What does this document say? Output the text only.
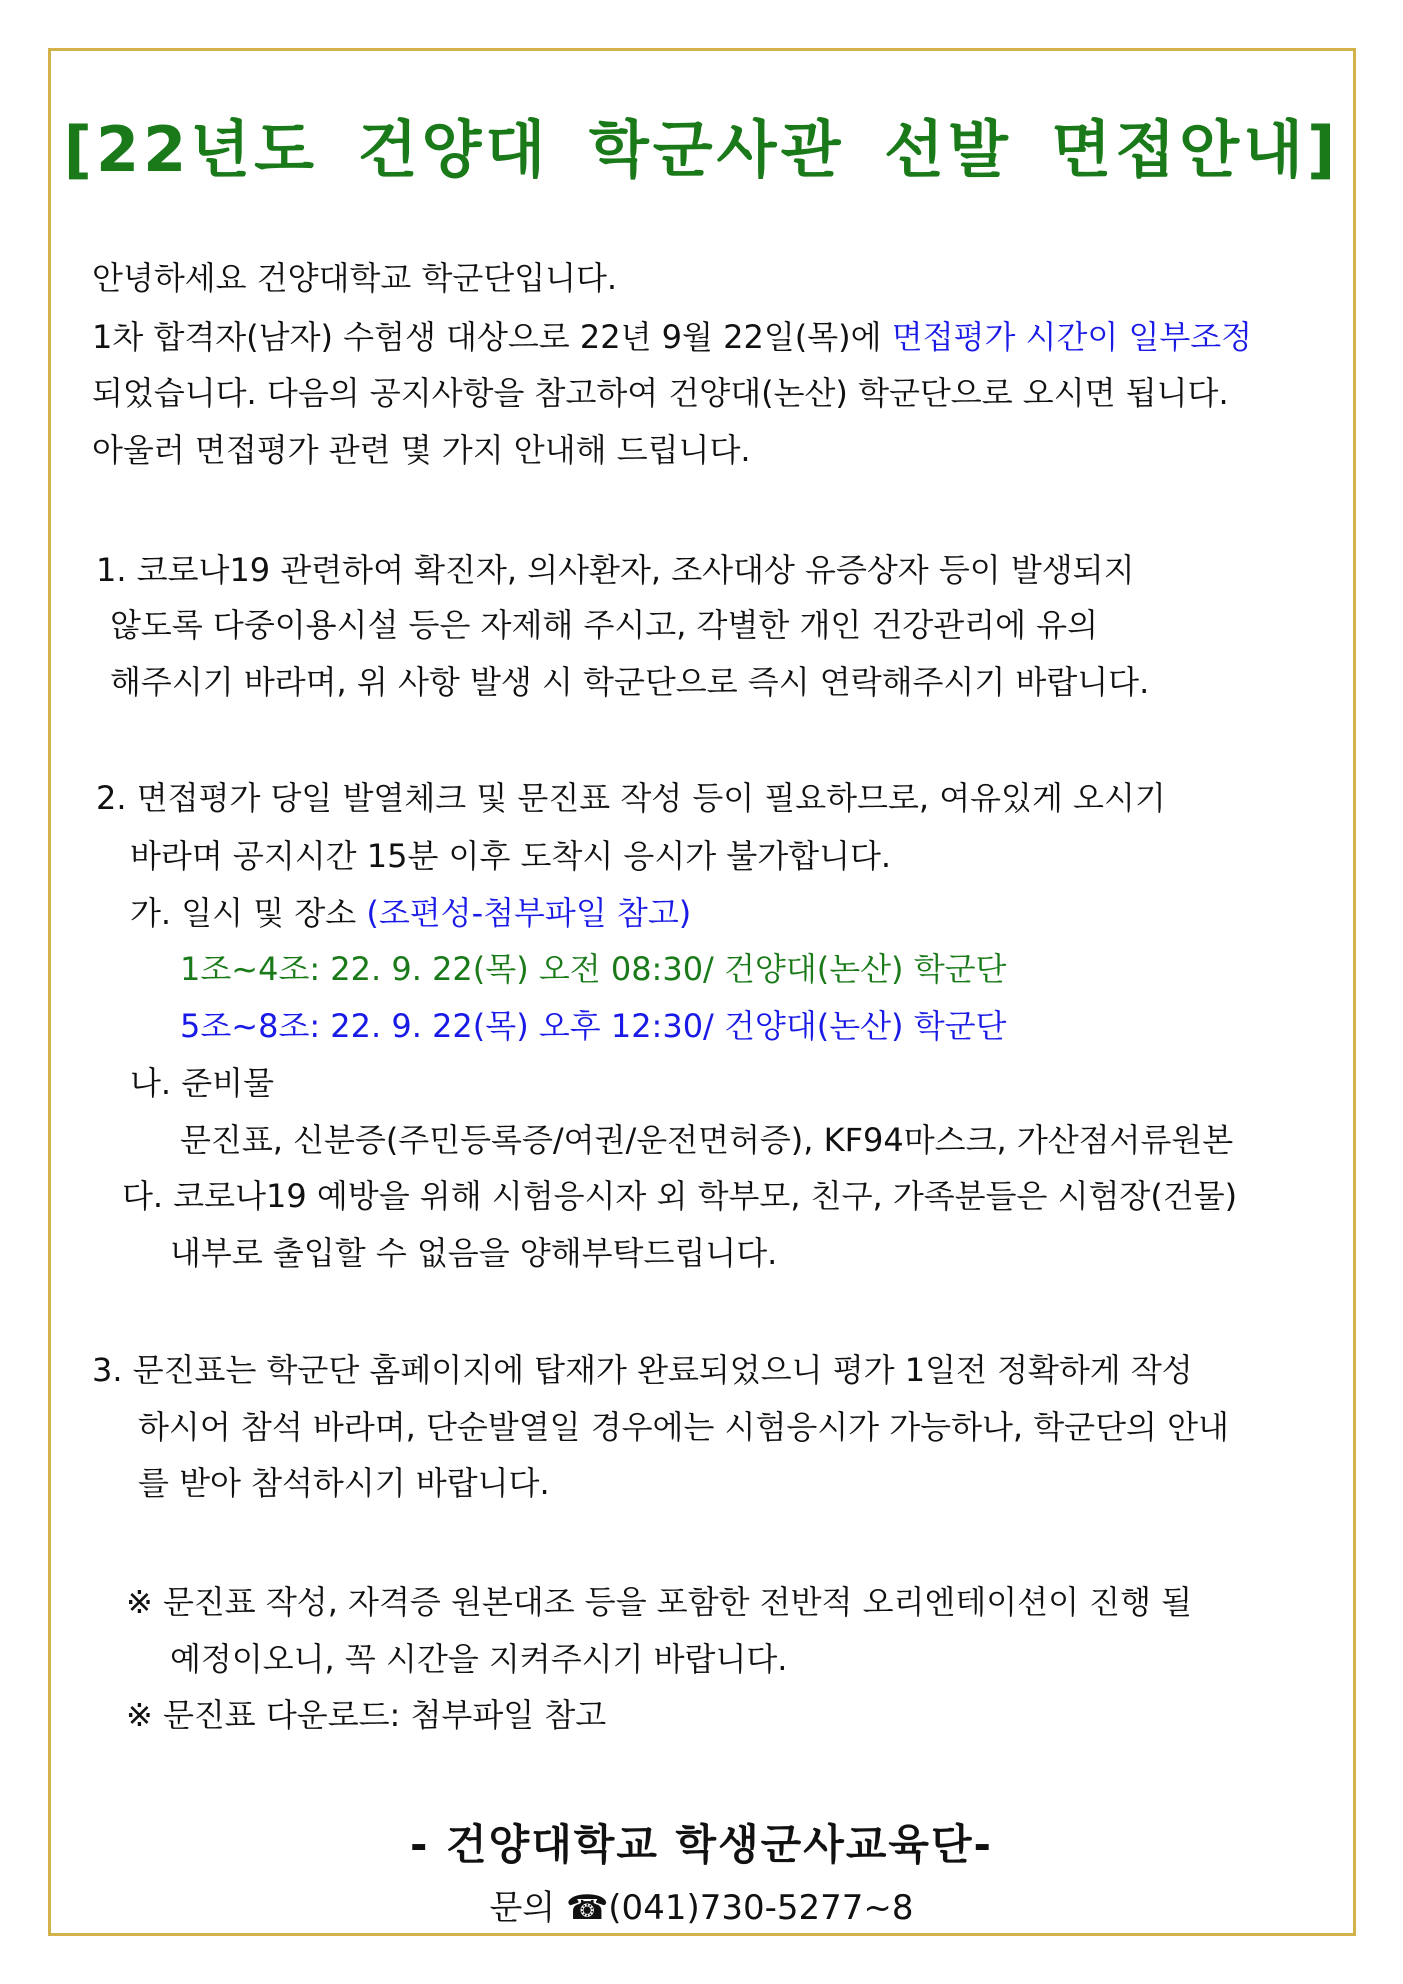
[22년도 건양대 학군사관 선발 면접안내]
안녕하세요 건양대학교 학군단입니다.
1차 합격자(남자) 수험생 대상으로 22년 9월 22일(목)에 면접평가 시간이 일부조정
되었습니다. 다음의 공지사항을 참고하여 건양대(논산) 학군단으로 오시면 됩니다.
아울러 면접평가 관련 몇 가지 안내해 드립니다.
1. 코로나19 관련하여 확진자, 의사환자, 조사대상 유증상자 등이 발생되지
않도록 다중이용시설 등은 자제해 주시고, 각별한 개인 건강관리에 유의
해주시기 바라며, 위 사항 발생 시 학군단으로 즉시 연락해주시기 바랍니다.
2. 면접평가 당일 발열체크 및 문진표 작성 등이 필요하므로, 여유있게 오시기
바라며 공지시간 15분 이후 도착시 응시가 불가합니다.
가. 일시 및 장소 (조편성-첨부파일 참고)
1조~4조: 22. 9. 22(목) 오전 08:30/ 건양대(논산) 학군단
5조~8조: 22. 9. 22(목) 오후 12:30/ 건양대(논산) 학군단
나. 준비물
문진표, 신분증(주민등록증/여권/운전면허증), KF94마스크, 가산점서류원본
다. 코로나19 예방을 위해 시험응시자 외 학부모, 친구, 가족분들은 시험장(건물)
내부로 출입할 수 없음을 양해부탁드립니다.
3. 문진표는 학군단 홈페이지에 탑재가 완료되었으니 평가 1일전 정확하게 작성
하시어 참석 바라며, 단순발열일 경우에는 시험응시가 가능하나, 학군단의 안내
를 받아 참석하시기 바랍니다.
※ 문진표 작성, 자격증 원본대조 등을 포함한 전반적 오리엔테이션이 진행 될
예정이오니, 꼭 시간을 지켜주시기 바랍니다.
※ 문진표 다운로드: 첨부파일 참고
- 건양대학교 학생군사교육단-
문의 ☎(041)730-5277~8
